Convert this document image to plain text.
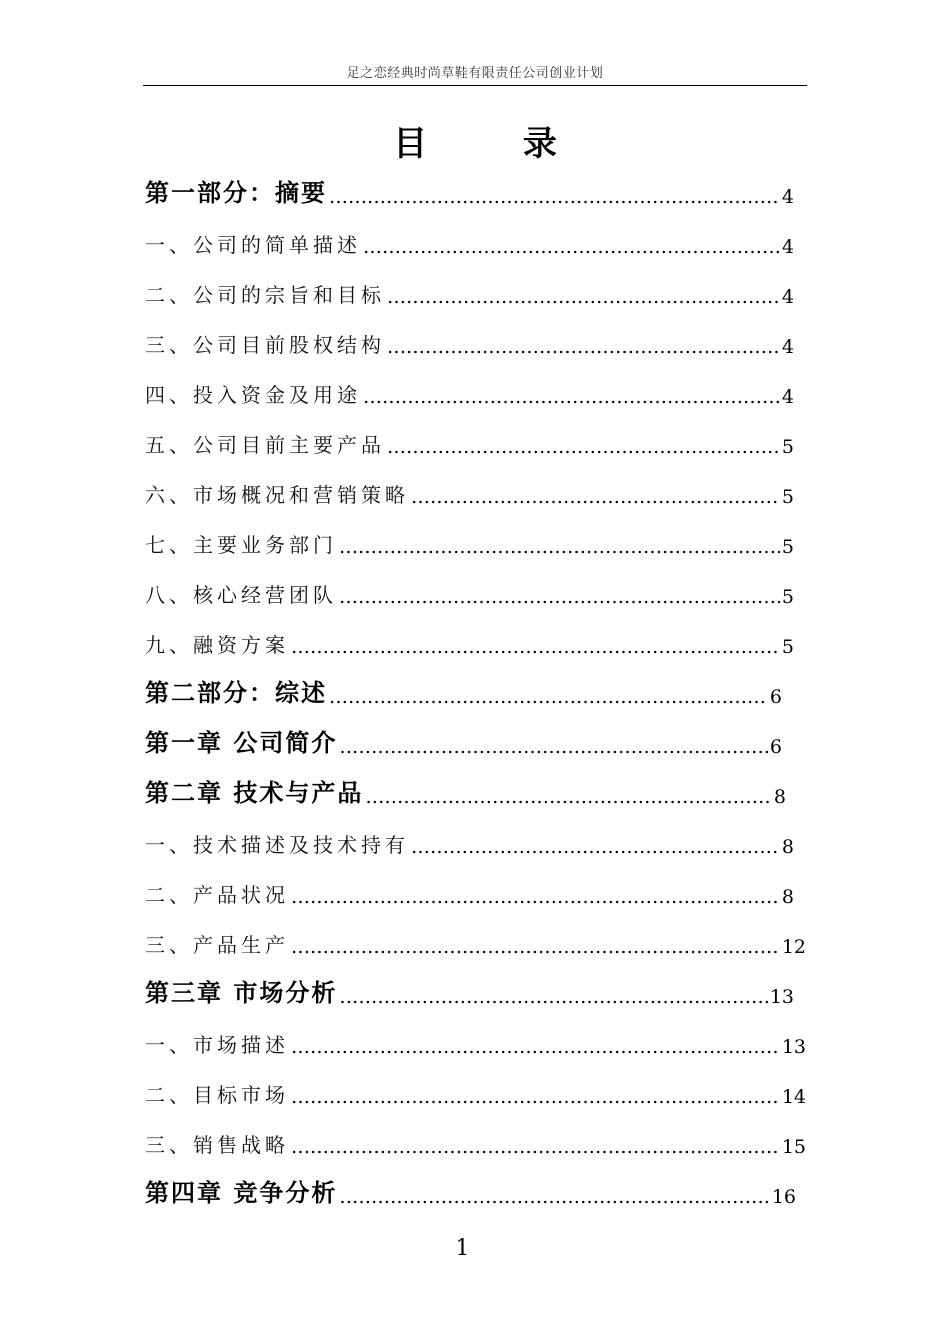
足之恋经典时尚草鞋有限责任公司创业计划
目 录
第一部分：摘要 ………………………………………………………………………………………………………………………………………………	4
一、公司的简单描述 ………………………………………………………………………………………………………………………………………………	4
二、公司的宗旨和目标 ………………………………………………………………………………………………………………………………………………	4
三、公司目前股权结构 ………………………………………………………………………………………………………………………………………………	4
四、投入资金及用途 ………………………………………………………………………………………………………………………………………………	4
五、公司目前主要产品 ………………………………………………………………………………………………………………………………………………	5
六、市场概况和营销策略 ………………………………………………………………………………………………………………………………………………	5
七、主要业务部门 ………………………………………………………………………………………………………………………………………………	5
八、核心经营团队 ………………………………………………………………………………………………………………………………………………	5
九、融资方案 ………………………………………………………………………………………………………………………………………………	5
第二部分：综述 ………………………………………………………………………………………………………………………………………………	6
第一章 公司简介 ………………………………………………………………………………………………………………………………………………	6
第二章 技术与产品 ………………………………………………………………………………………………………………………………………………	8
一、技术描述及技术持有 ………………………………………………………………………………………………………………………………………………	8
二、产品状况 ………………………………………………………………………………………………………………………………………………	8
三、产品生产 ………………………………………………………………………………………………………………………………………………	12
第三章 市场分析 ………………………………………………………………………………………………………………………………………………	13
一、市场描述 ………………………………………………………………………………………………………………………………………………	13
二、目标市场 ………………………………………………………………………………………………………………………………………………	14
三、销售战略 ………………………………………………………………………………………………………………………………………………	15
第四章 竞争分析 ………………………………………………………………………………………………………………………………………………	16
1
